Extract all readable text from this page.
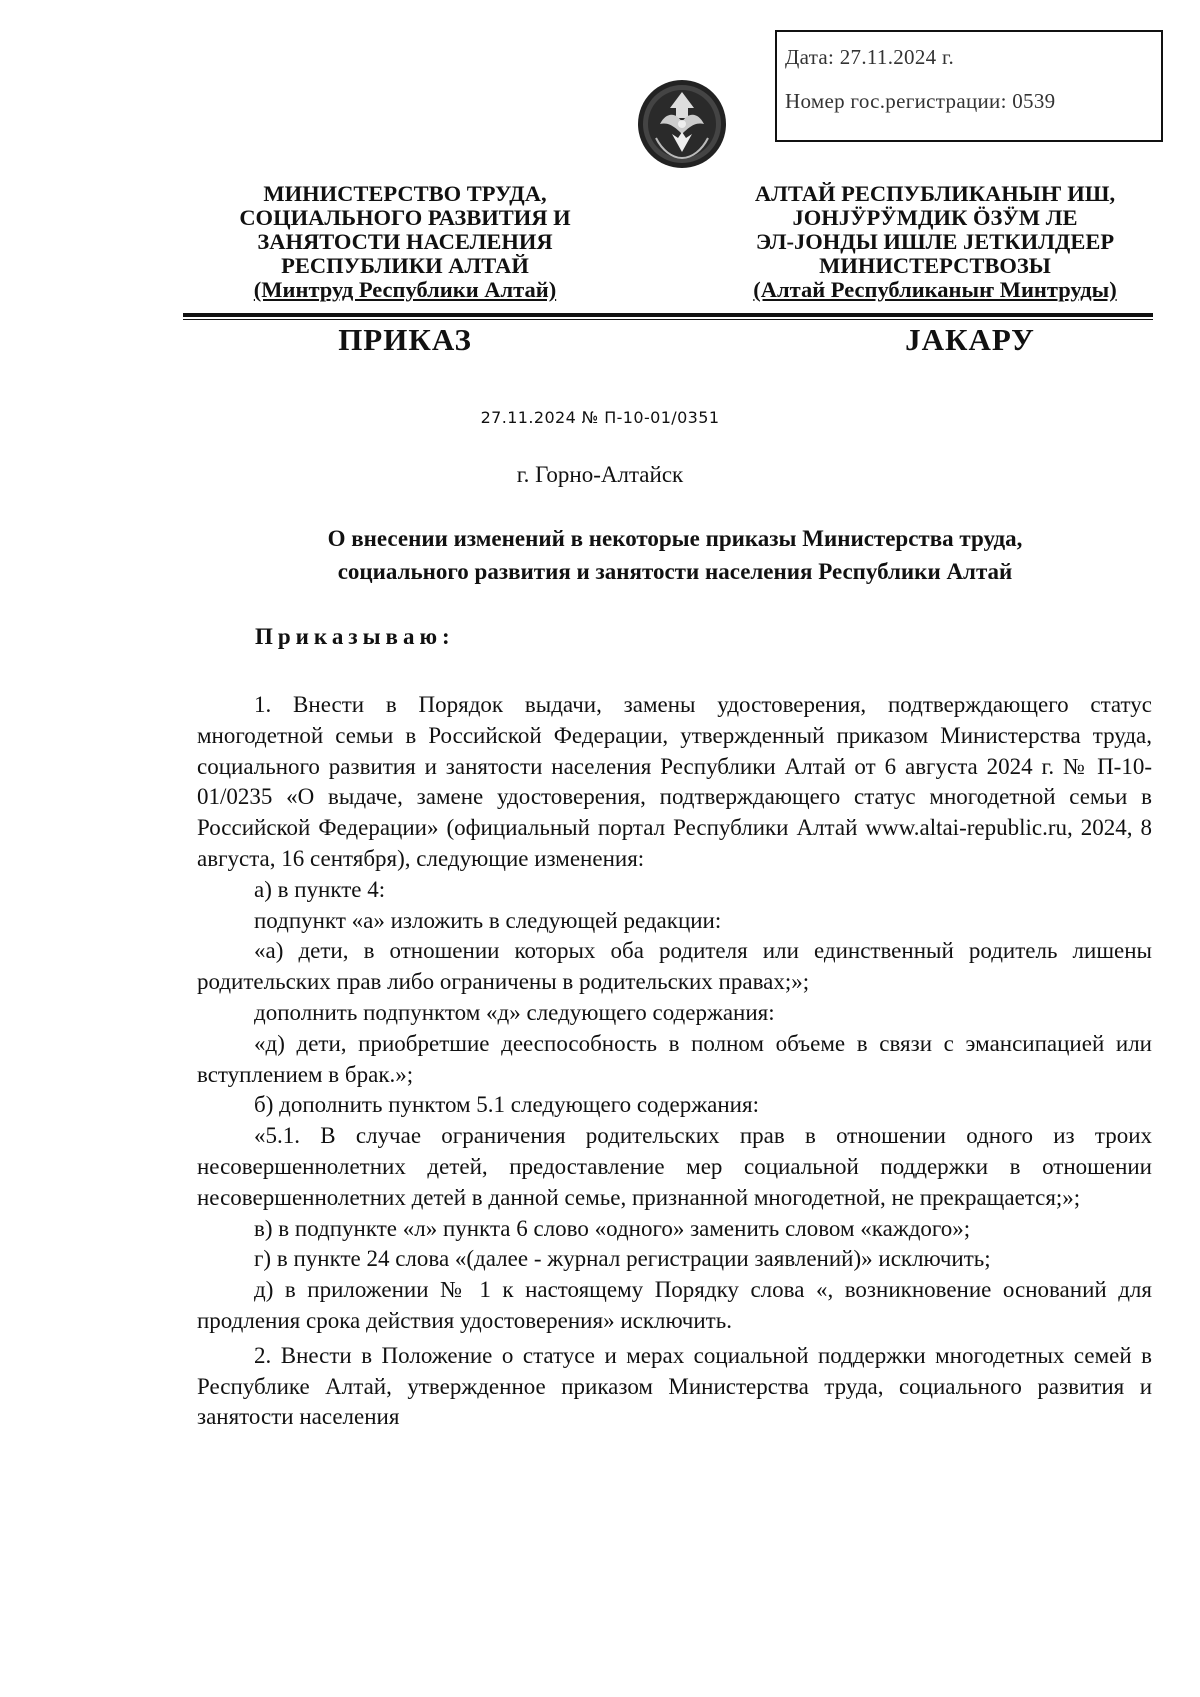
Дата: 27.11.2024 г.
Номер гос.регистрации: 0539
МИНИСТЕРСТВО ТРУДА,
СОЦИАЛЬНОГО РАЗВИТИЯ И
ЗАНЯТОСТИ НАСЕЛЕНИЯ
РЕСПУБЛИКИ АЛТАЙ
(Минтруд Республики Алтай)
АЛТАЙ РЕСПУБЛИКАНЫҤ ИШ,
ЈОНЈӰРӰМДИК ӦЗӰМ ЛЕ
ЭЛ-ЈОНДЫ ИШЛЕ ЈЕТКИЛДЕЕР
МИНИСТЕРСТВОЗЫ
(Алтай Республиканыҥ Минтруды)
ПРИКАЗ	ЈАКАРУ
27.11.2024 № П-10-01/0351
г. Горно-Алтайск
О внесении изменений в некоторые приказы Министерства труда,
социального развития и занятости населения Республики Алтай
Приказываю:

1. Внести в Порядок выдачи, замены удостоверения, подтверждающего статус многодетной семьи в Российской Федерации, утвержденный приказом Министерства труда, социального развития и занятости населения Республики Алтай от 6 августа 2024 г. № П-10-01/0235 «О выдаче, замене удостоверения, подтверждающего статус многодетной семьи в Российской Федерации» (официальный портал Республики Алтай www.altai-republic.ru, 2024, 8 августа, 16 сентября), следующие изменения:

а) в пункте 4:

подпункт «а» изложить в следующей редакции:

«а) дети, в отношении которых оба родителя или единственный родитель лишены родительских прав либо ограничены в родительских правах;»;

дополнить подпунктом «д» следующего содержания:

«д) дети, приобретшие дееспособность в полном объеме в связи с эмансипацией или вступлением в брак.»;

б) дополнить пунктом 5.1 следующего содержания:

«5.1. В случае ограничения родительских прав в отношении одного из троих несовершеннолетних детей, предоставление мер социальной поддержки в отношении несовершеннолетних детей в данной семье, признанной многодетной, не прекращается;»;

в) в подпункте «л» пункта 6 слово «одного» заменить словом «каждого»;

г) в пункте 24 слова «(далее - журнал регистрации заявлений)» исключить;

д) в приложении № 1 к настоящему Порядку слова «, возникновение оснований для продления срока действия удостоверения» исключить.

2. Внести в Положение о статусе и мерах социальной поддержки многодетных семей в Республике Алтай, утвержденное приказом Министерства труда, социального развития и занятости населения
